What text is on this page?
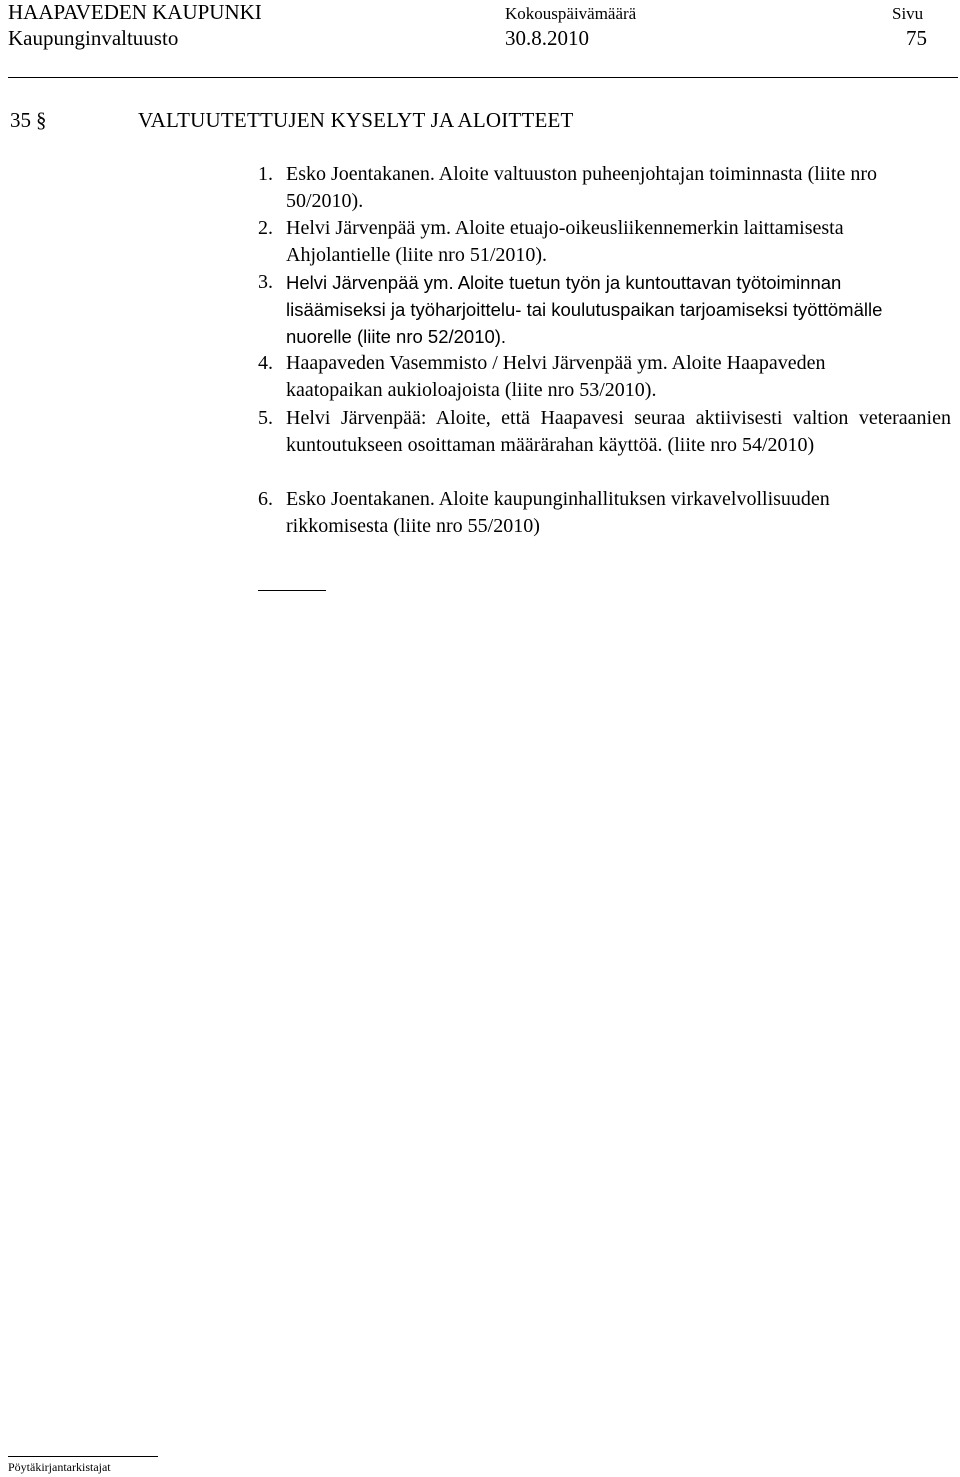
HAAPAVEDEN KAUPUNKI
Kaupunginvaltuusto
Kokouspäivämäärä
30.8.2010
Sivu
75
35 §	VALTUUTETTUJEN KYSELYT JA ALOITTEET
1. Esko Joentakanen. Aloite valtuuston puheenjohtajan toiminnasta (liite nro 50/2010).
2. Helvi Järvenpää ym. Aloite etuajo-oikeusliikennemerkin laittamisesta Ahjolantielle (liite nro 51/2010).
3. Helvi Järvenpää ym. Aloite tuetun työn ja kuntouttavan työtoiminnan lisäämiseksi ja työharjoittelu- tai koulutuspaikan tarjoamiseksi työttömälle nuorelle (liite nro 52/2010).
4. Haapaveden Vasemmisto / Helvi Järvenpää ym. Aloite Haapaveden kaatopaikan aukioloajoista (liite nro 53/2010).
5. Helvi Järvenpää: Aloite, että Haapavesi seuraa aktiivisesti valtion veteraanien kuntoutukseen osoittaman määrärahan käyttöä. (liite nro 54/2010)
6. Esko Joentakanen. Aloite kaupunginhallituksen virkavelvollisuuden rikkomisesta (liite nro 55/2010)
Pöytäkirjantarkistajat
